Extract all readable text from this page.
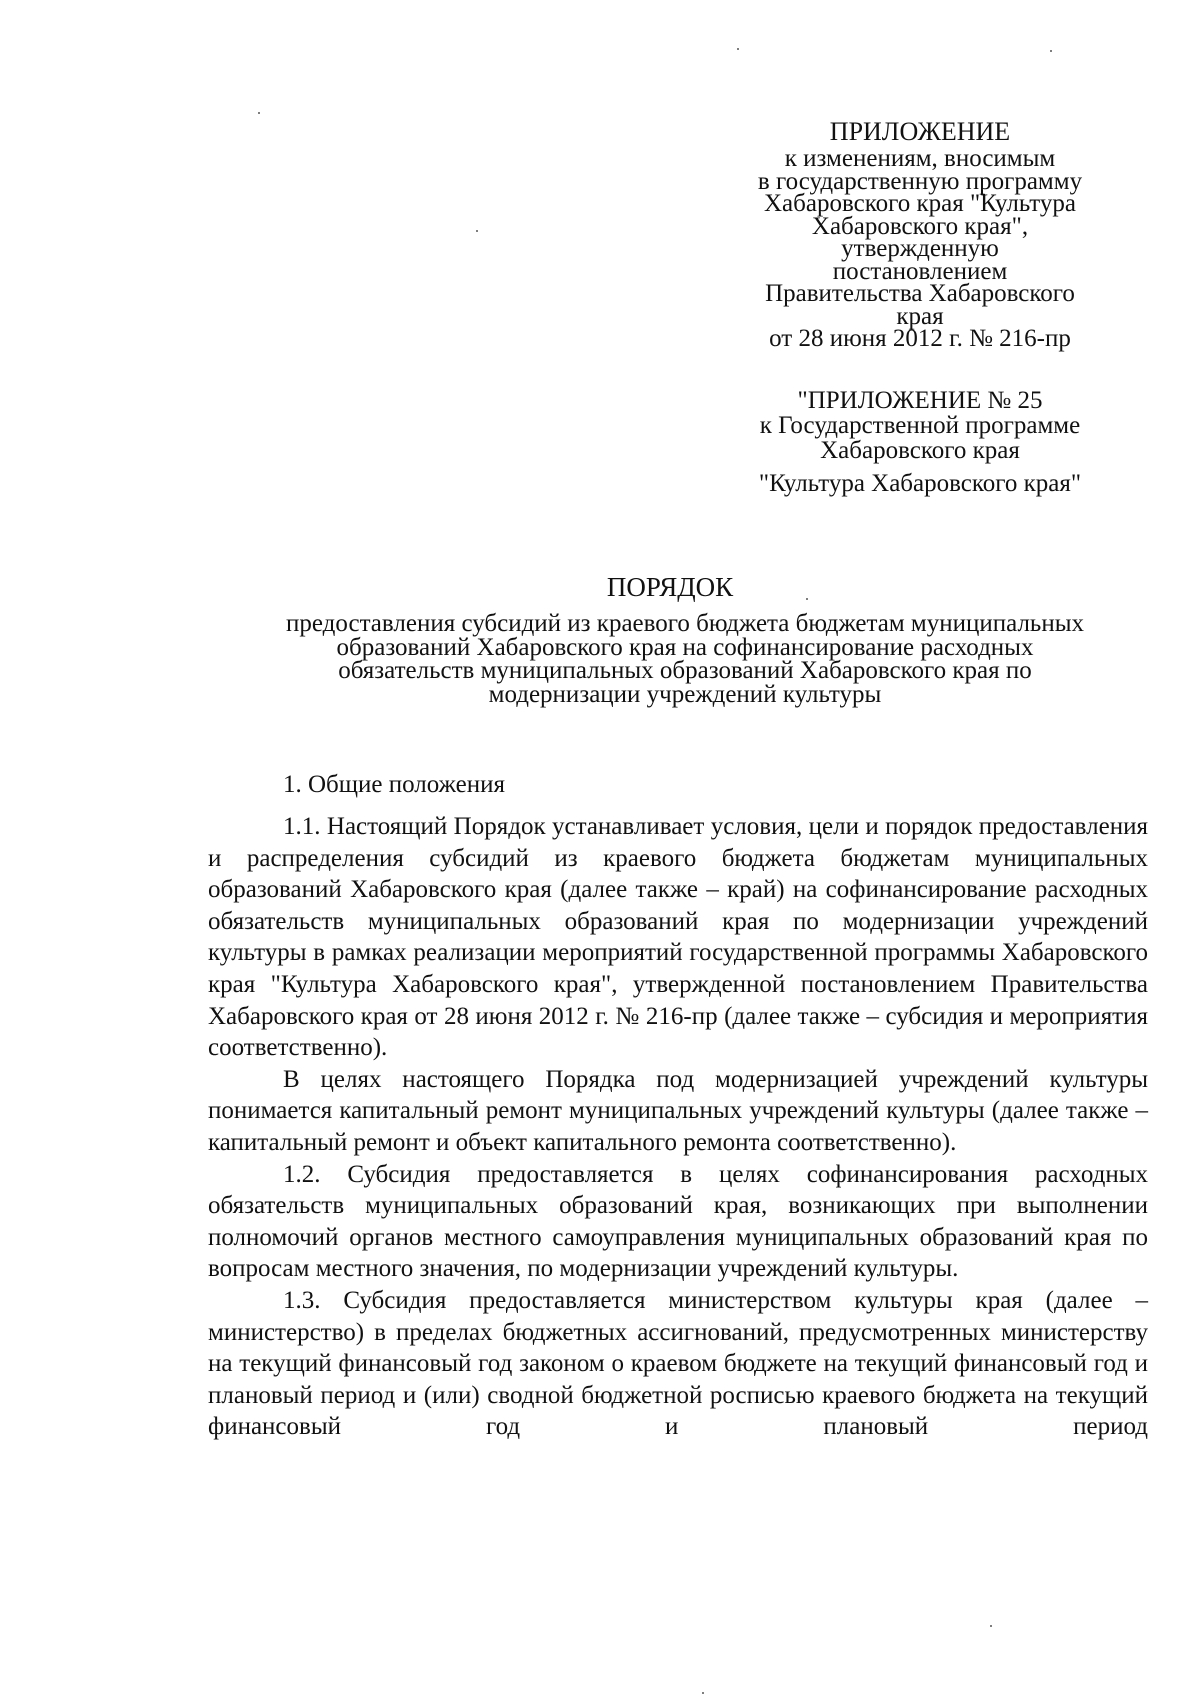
ПРИЛОЖЕНИЕ
к изменениям, вносимым
в государственную программу
Хабаровского края "Культура
Хабаровского края",
утвержденную
постановлением
Правительства Хабаровского
края
от 28 июня 2012 г. № 216-пр
"ПРИЛОЖЕНИЕ № 25
к Государственной программе
Хабаровского края
"Культура Хабаровского края"
ПОРЯДОК
предоставления субсидий из краевого бюджета бюджетам муниципальных
образований Хабаровского края на софинансирование расходных
обязательств муниципальных образований Хабаровского края по
модернизации учреждений культуры
1. Общие положения

1.1. Настоящий Порядок устанавливает условия, цели и порядок предоставления и распределения субсидий из краевого бюджета бюджетам муниципальных образований Хабаровского края (далее также – край) на софинансирование расходных обязательств муниципальных образований края по модернизации учреждений культуры в рамках реализации мероприятий государственной программы Хабаровского края "Культура Хабаровского края", утвержденной постановлением Правительства Хабаровского края от 28 июня 2012 г. № 216-пр (далее также – субсидия и мероприятия соответственно).

В целях настоящего Порядка под модернизацией учреждений культуры понимается капитальный ремонт муниципальных учреждений культуры (далее также – капитальный ремонт и объект капитального ремонта соответственно).

1.2. Субсидия предоставляется в целях софинансирования расходных обязательств муниципальных образований края, возникающих при выполнении полномочий органов местного самоуправления муниципальных образований края по вопросам местного значения, по модернизации учреждений культуры.

1.3. Субсидия предоставляется министерством культуры края (далее – министерство) в пределах бюджетных ассигнований, предусмотренных министерству на текущий финансовый год законом о краевом бюджете на текущий финансовый год и плановый период и (или) сводной бюджетной росписью краевого бюджета на текущий финансовый год и плановый период
